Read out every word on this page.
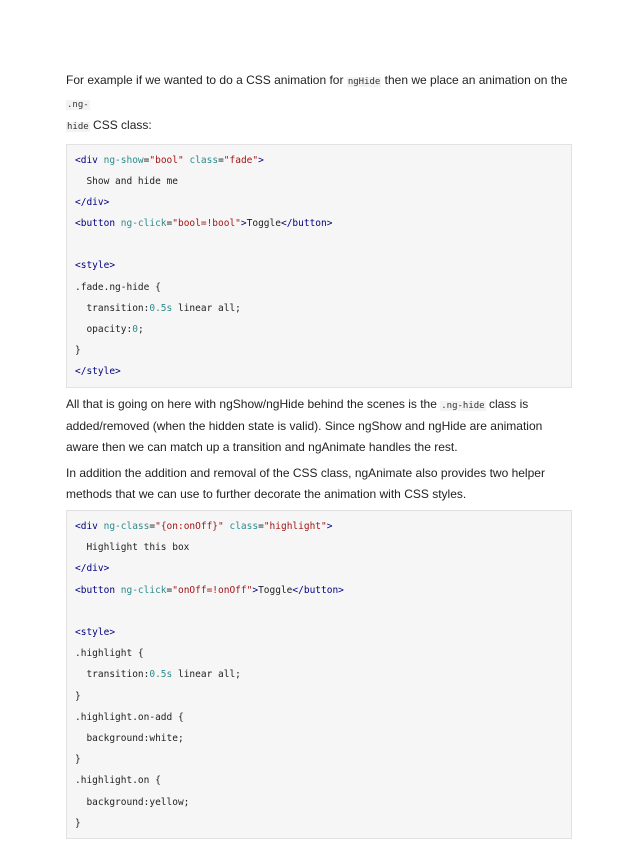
For example if we wanted to do a CSS animation for ngHide then we place an animation on the .ng-
hide CSS class:

<div ng-show="bool" class="fade">
Show and hide me
</div>
<button ng-click="bool=!bool">Toggle</button>

<style>
.fade.ng-hide {
transition:0.5s linear all;
opacity:0;
}
</style>

All that is going on here with ngShow/ngHide behind the scenes is the .ng-hide class is added/removed (when the hidden state is valid). Since ngShow and ngHide are animation aware then we can match up a transition and ngAnimate handles the rest.

In addition the addition and removal of the CSS class, ngAnimate also provides two helper methods that we can use to further decorate the animation with CSS styles.

<div ng-class="{on:onOff}" class="highlight">
Highlight this box
</div>
<button ng-click="onOff=!onOff">Toggle</button>

<style>
.highlight {
transition:0.5s linear all;
}
.highlight.on-add {
background:white;
}
.highlight.on {
background:yellow;
}
